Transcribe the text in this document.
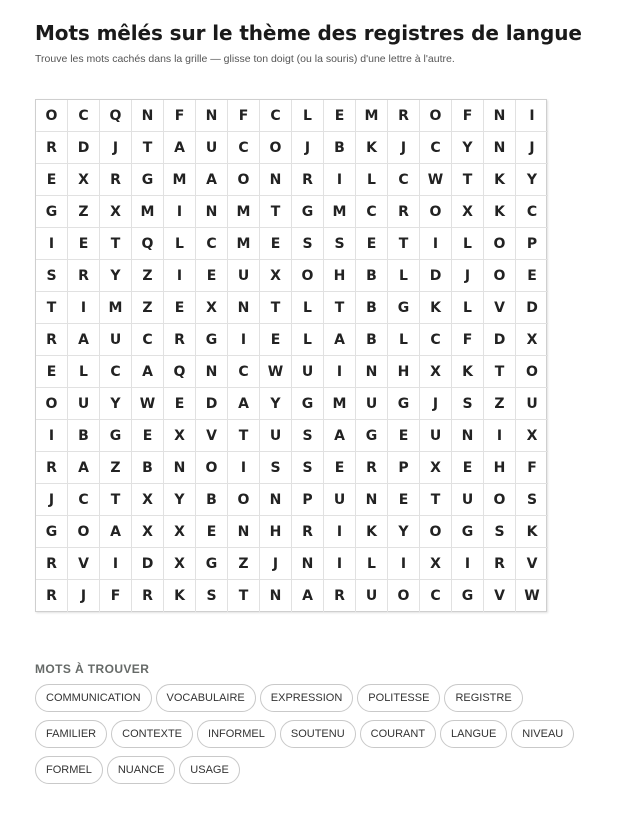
Mots mêlés sur le thème des registres de langue
Trouve les mots cachés dans la grille — glisse ton doigt (ou la souris) d'une lettre à l'autre.
O	C	Q	N	F	N	F	C	L	E	M	R	O	F	N	I
R	D	J	T	A	U	C	O	J	B	K	J	C	Y	N	J
E	X	R	G	M	A	O	N	R	I	L	C	W	T	K	Y
G	Z	X	M	I	N	M	T	G	M	C	R	O	X	K	C
I	E	T	Q	L	C	M	E	S	S	E	T	I	L	O	P
S	R	Y	Z	I	E	U	X	O	H	B	L	D	J	O	E
T	I	M	Z	E	X	N	T	L	T	B	G	K	L	V	D
R	A	U	C	R	G	I	E	L	A	B	L	C	F	D	X
E	L	C	A	Q	N	C	W	U	I	N	H	X	K	T	O
O	U	Y	W	E	D	A	Y	G	M	U	G	J	S	Z	U
I	B	G	E	X	V	T	U	S	A	G	E	U	N	I	X
R	A	Z	B	N	O	I	S	S	E	R	P	X	E	H	F
J	C	T	X	Y	B	O	N	P	U	N	E	T	U	O	S
G	O	A	X	X	E	N	H	R	I	K	Y	O	G	S	K
R	V	I	D	X	G	Z	J	N	I	L	I	X	I	R	V
R	J	F	R	K	S	T	N	A	R	U	O	C	G	V	W
MOTS À TROUVER
COMMUNICATION	VOCABULAIRE	EXPRESSION	POLITESSE	REGISTRE
FAMILIER	CONTEXTE	INFORMEL	SOUTENU	COURANT	LANGUE	NIVEAU
FORMEL	NUANCE	USAGE
